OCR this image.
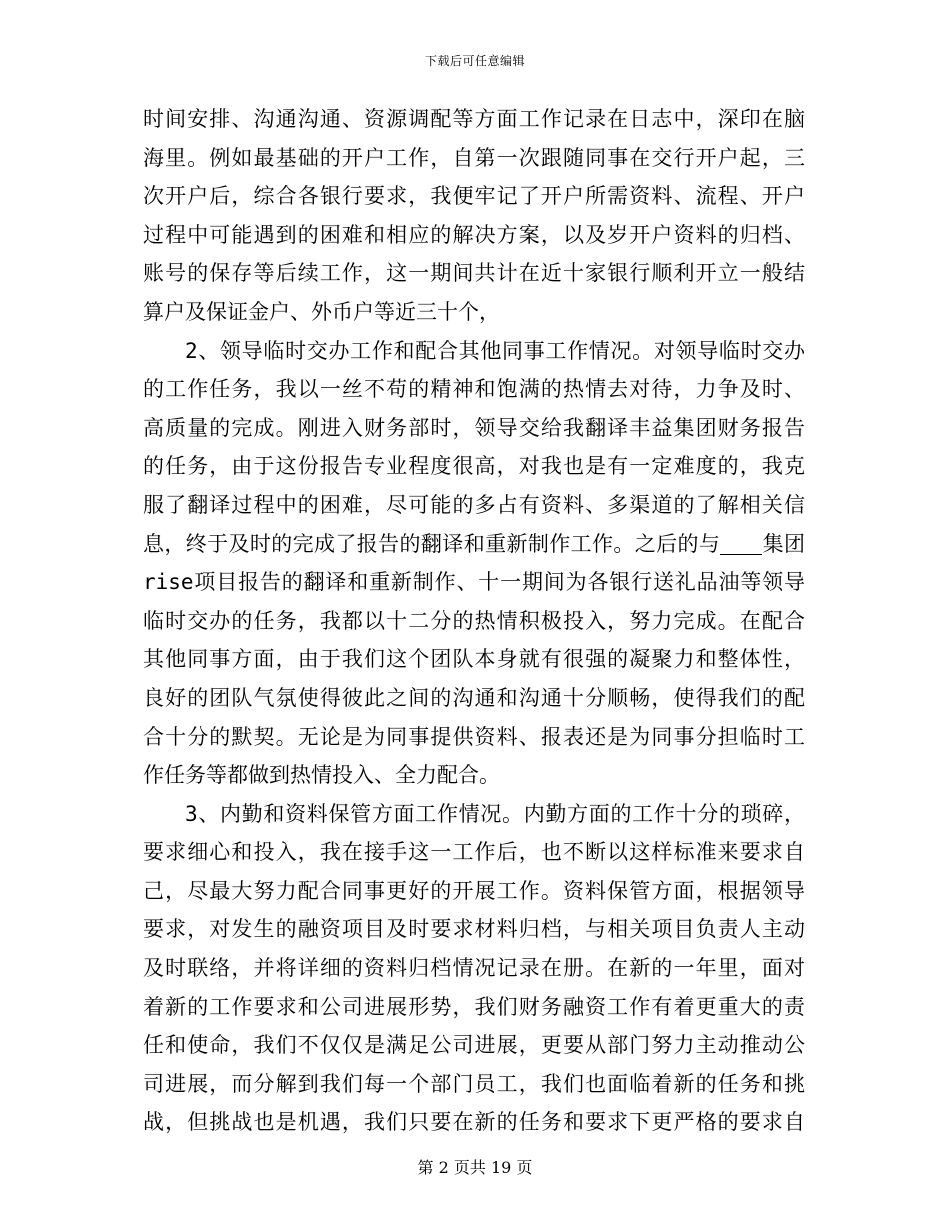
下载后可任意编辑
时间安排、沟通沟通、资源调配等方面工作记录在日志中，深印在脑
海里。例如最基础的开户工作，自第一次跟随同事在交行开户起，三
次开户后，综合各银行要求，我便牢记了开户所需资料、流程、开户
过程中可能遇到的困难和相应的解决方案，以及岁开户资料的归档、
账号的保存等后续工作，这一期间共计在近十家银行顺利开立一般结
算户及保证金户、外币户等近三十个，
2、领导临时交办工作和配合其他同事工作情况。对领导临时交办
的工作任务，我以一丝不苟的精神和饱满的热情去对待，力争及时、
高质量的完成。刚进入财务部时，领导交给我翻译丰益集团财务报告
的任务，由于这份报告专业程度很高，对我也是有一定难度的，我克
服了翻译过程中的困难，尽可能的多占有资料、多渠道的了解相关信
息，终于及时的完成了报告的翻译和重新制作工作。之后的与 集团
rise项目报告的翻译和重新制作、十一期间为各银行送礼品油等领导
临时交办的任务，我都以十二分的热情积极投入，努力完成。在配合
其他同事方面，由于我们这个团队本身就有很强的凝聚力和整体性，
良好的团队气氛使得彼此之间的沟通和沟通十分顺畅，使得我们的配
合十分的默契。无论是为同事提供资料、报表还是为同事分担临时工
作任务等都做到热情投入、全力配合。
3、内勤和资料保管方面工作情况。内勤方面的工作十分的琐碎，
要求细心和投入，我在接手这一工作后，也不断以这样标准来要求自
己，尽最大努力配合同事更好的开展工作。资料保管方面，根据领导
要求，对发生的融资项目及时要求材料归档，与相关项目负责人主动
及时联络，并将详细的资料归档情况记录在册。在新的一年里，面对
着新的工作要求和公司进展形势，我们财务融资工作有着更重大的责
任和使命，我们不仅仅是满足公司进展，更要从部门努力主动推动公
司进展，而分解到我们每一个部门员工，我们也面临着新的任务和挑
战，但挑战也是机遇，我们只要在新的任务和要求下更严格的要求自
第 2 页共 19 页
